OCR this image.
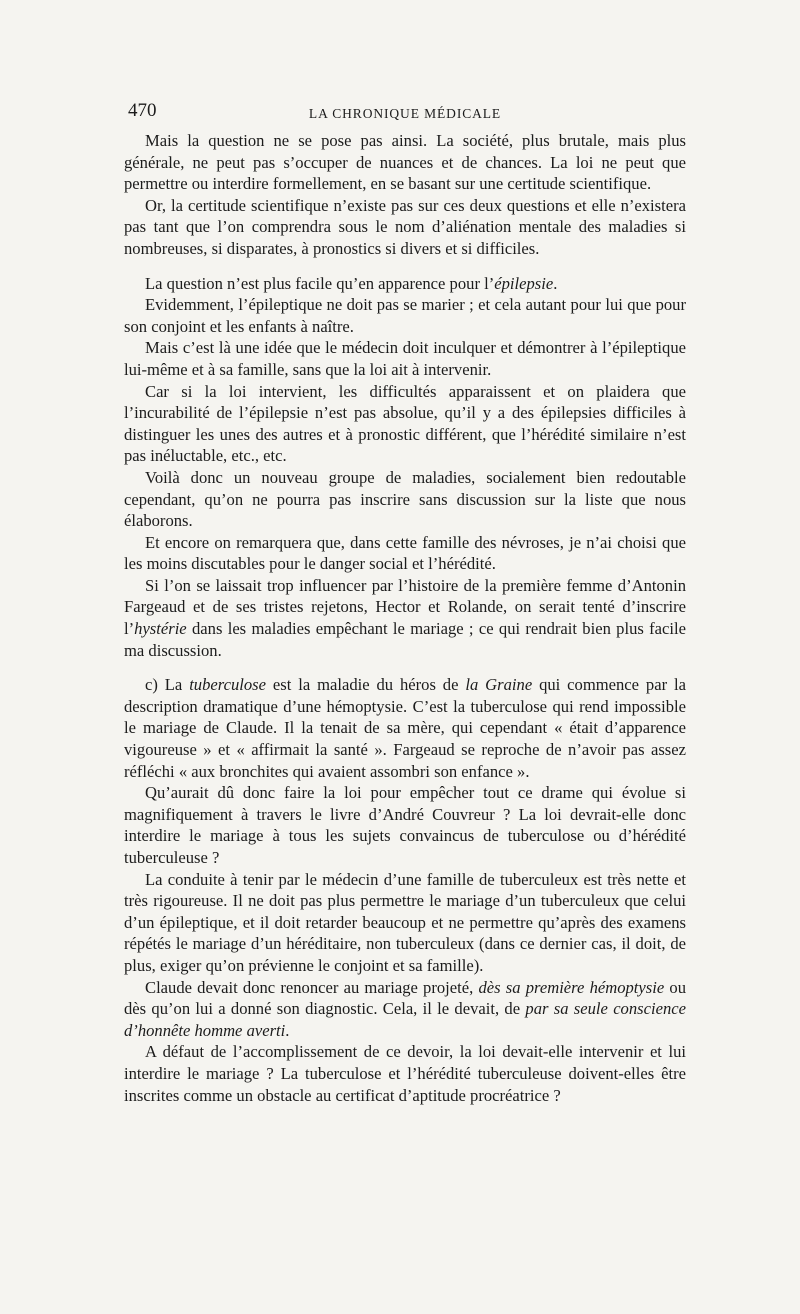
470	LA CHRONIQUE MÉDICALE

Mais la question ne se pose pas ainsi. La société, plus brutale, mais plus générale, ne peut pas s’occuper de nuances et de chances. La loi ne peut que permettre ou interdire formellement, en se basant sur une certitude scientifique.

Or, la certitude scientifique n’existe pas sur ces deux questions et elle n’existera pas tant que l’on comprendra sous le nom d’aliénation mentale des maladies si nombreuses, si disparates, à pronostics si divers et si difficiles.

La question n’est plus facile qu’en apparence pour l’épilepsie.

Evidemment, l’épileptique ne doit pas se marier ; et cela autant pour lui que pour son conjoint et les enfants à naître.

Mais c’est là une idée que le médecin doit inculquer et démontrer à l’épileptique lui-même et à sa famille, sans que la loi ait à intervenir.

Car si la loi intervient, les difficultés apparaissent et on plaidera que l’incurabilité de l’épilepsie n’est pas absolue, qu’il y a des épilepsies difficiles à distinguer les unes des autres et à pronostic différent, que l’hérédité similaire n’est pas inéluctable, etc., etc.

Voilà donc un nouveau groupe de maladies, socialement bien redoutable cependant, qu’on ne pourra pas inscrire sans discussion sur la liste que nous élaborons.

Et encore on remarquera que, dans cette famille des névroses, je n’ai choisi que les moins discutables pour le danger social et l’hérédité.

Si l’on se laissait trop influencer par l’histoire de la première femme d’Antonin Fargeaud et de ses tristes rejetons, Hector et Rolande, on serait tenté d’inscrire l’hystérie dans les maladies empêchant le mariage ; ce qui rendrait bien plus facile ma discussion.

c) La tuberculose est la maladie du héros de la Graine qui commence par la description dramatique d’une hémoptysie. C’est la tuberculose qui rend impossible le mariage de Claude. Il la tenait de sa mère, qui cependant « était d’apparence vigoureuse » et « affirmait la santé ». Fargeaud se reproche de n’avoir pas assez réfléchi « aux bronchites qui avaient assombri son enfance ».

Qu’aurait dû donc faire la loi pour empêcher tout ce drame qui évolue si magnifiquement à travers le livre d’André Couvreur ? La loi devrait-elle donc interdire le mariage à tous les sujets convaincus de tuberculose ou d’hérédité tuberculeuse ?

La conduite à tenir par le médecin d’une famille de tuberculeux est très nette et très rigoureuse. Il ne doit pas plus permettre le mariage d’un tuberculeux que celui d’un épileptique, et il doit retarder beaucoup et ne permettre qu’après des examens répétés le mariage d’un héréditaire, non tuberculeux (dans ce dernier cas, il doit, de plus, exiger qu’on prévienne le conjoint et sa famille).

Claude devait donc renoncer au mariage projeté, dès sa première hémoptysie ou dès qu’on lui a donné son diagnostic. Cela, il le devait, de par sa seule conscience d’honnête homme averti.

A défaut de l’accomplissement de ce devoir, la loi devait-elle intervenir et lui interdire le mariage ? La tuberculose et l’hérédité tuberculeuse doivent-elles être inscrites comme un obstacle au certificat d’aptitude procréatrice ?
